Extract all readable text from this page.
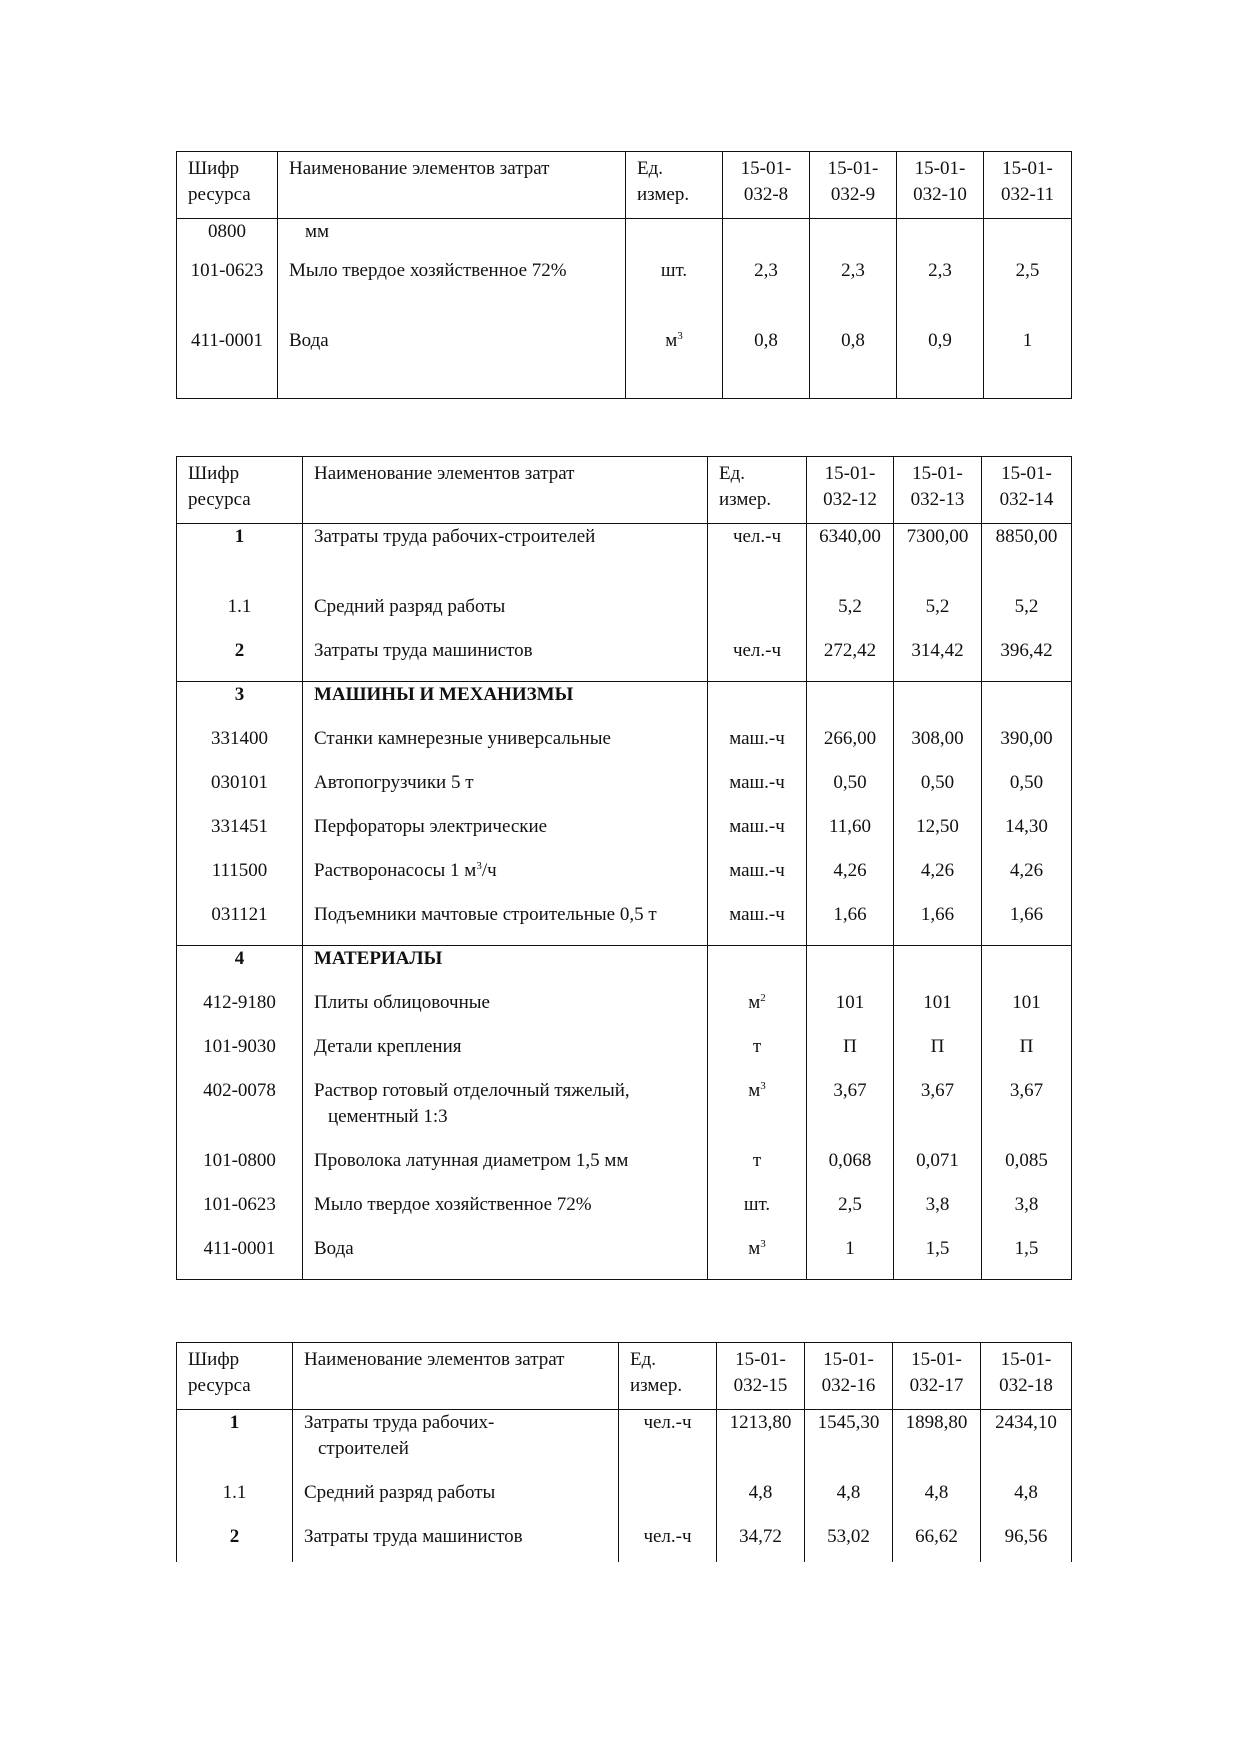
Шифр ресурса	Наименование элементов затрат	Ед. измер.	15-01-032-8	15-01-032-9	15-01-032-10	15-01-032-11
0800	мм					
101-0623	Мыло твердое хозяйственное 72%	шт.	2,3	2,3	2,3	2,5
411-0001	Вода	$м^3$	0,8	0,8	0,9	1
Шифр ресурса	Наименование элементов затрат	Ед. измер.	15-01-032-12	15-01-032-13	15-01-032-14
1	Затраты труда рабочих-строителей	чел.-ч	6340,00	7300,00	8850,00
1.1	Средний разряд работы		5,2	5,2	5,2
2	Затраты труда машинистов	чел.-ч	272,42	314,42	396,42
3	МАШИНЫ И МЕХАНИЗМЫ				
331400	Станки камнерезные универсальные	маш.-ч	266,00	308,00	390,00
030101	Автопогрузчики 5 т	маш.-ч	0,50	0,50	0,50
331451	Перфораторы электрические	маш.-ч	11,60	12,50	14,30
111500	Растворонасосы 1 $м^3/ч$	маш.-ч	4,26	4,26	4,26
031121	Подъемники мачтовые строительные 0,5 т	маш.-ч	1,66	1,66	1,66
4	МАТЕРИАЛЫ				
412-9180	Плиты облицовочные	$м^2$	101	101	101
101-9030	Детали крепления	т	П	П	П
402-0078	Раствор готовый отделочный тяжелый, цементный 1:3	$м^3$	3,67	3,67	3,67
101-0800	Проволока латунная диаметром 1,5 мм	т	0,068	0,071	0,085
101-0623	Мыло твердое хозяйственное 72%	шт.	2,5	3,8	3,8
411-0001	Вода	$м^3$	1	1,5	1,5
Шифр ресурса	Наименование элементов затрат	Ед. измер.	15-01-032-15	15-01-032-16	15-01-032-17	15-01-032-18
1	Затраты труда рабочих-строителей	чел.-ч	1213,80	1545,30	1898,80	2434,10
1.1	Средний разряд работы		4,8	4,8	4,8	4,8
2	Затраты труда машинистов	чел.-ч	34,72	53,02	66,62	96,56
